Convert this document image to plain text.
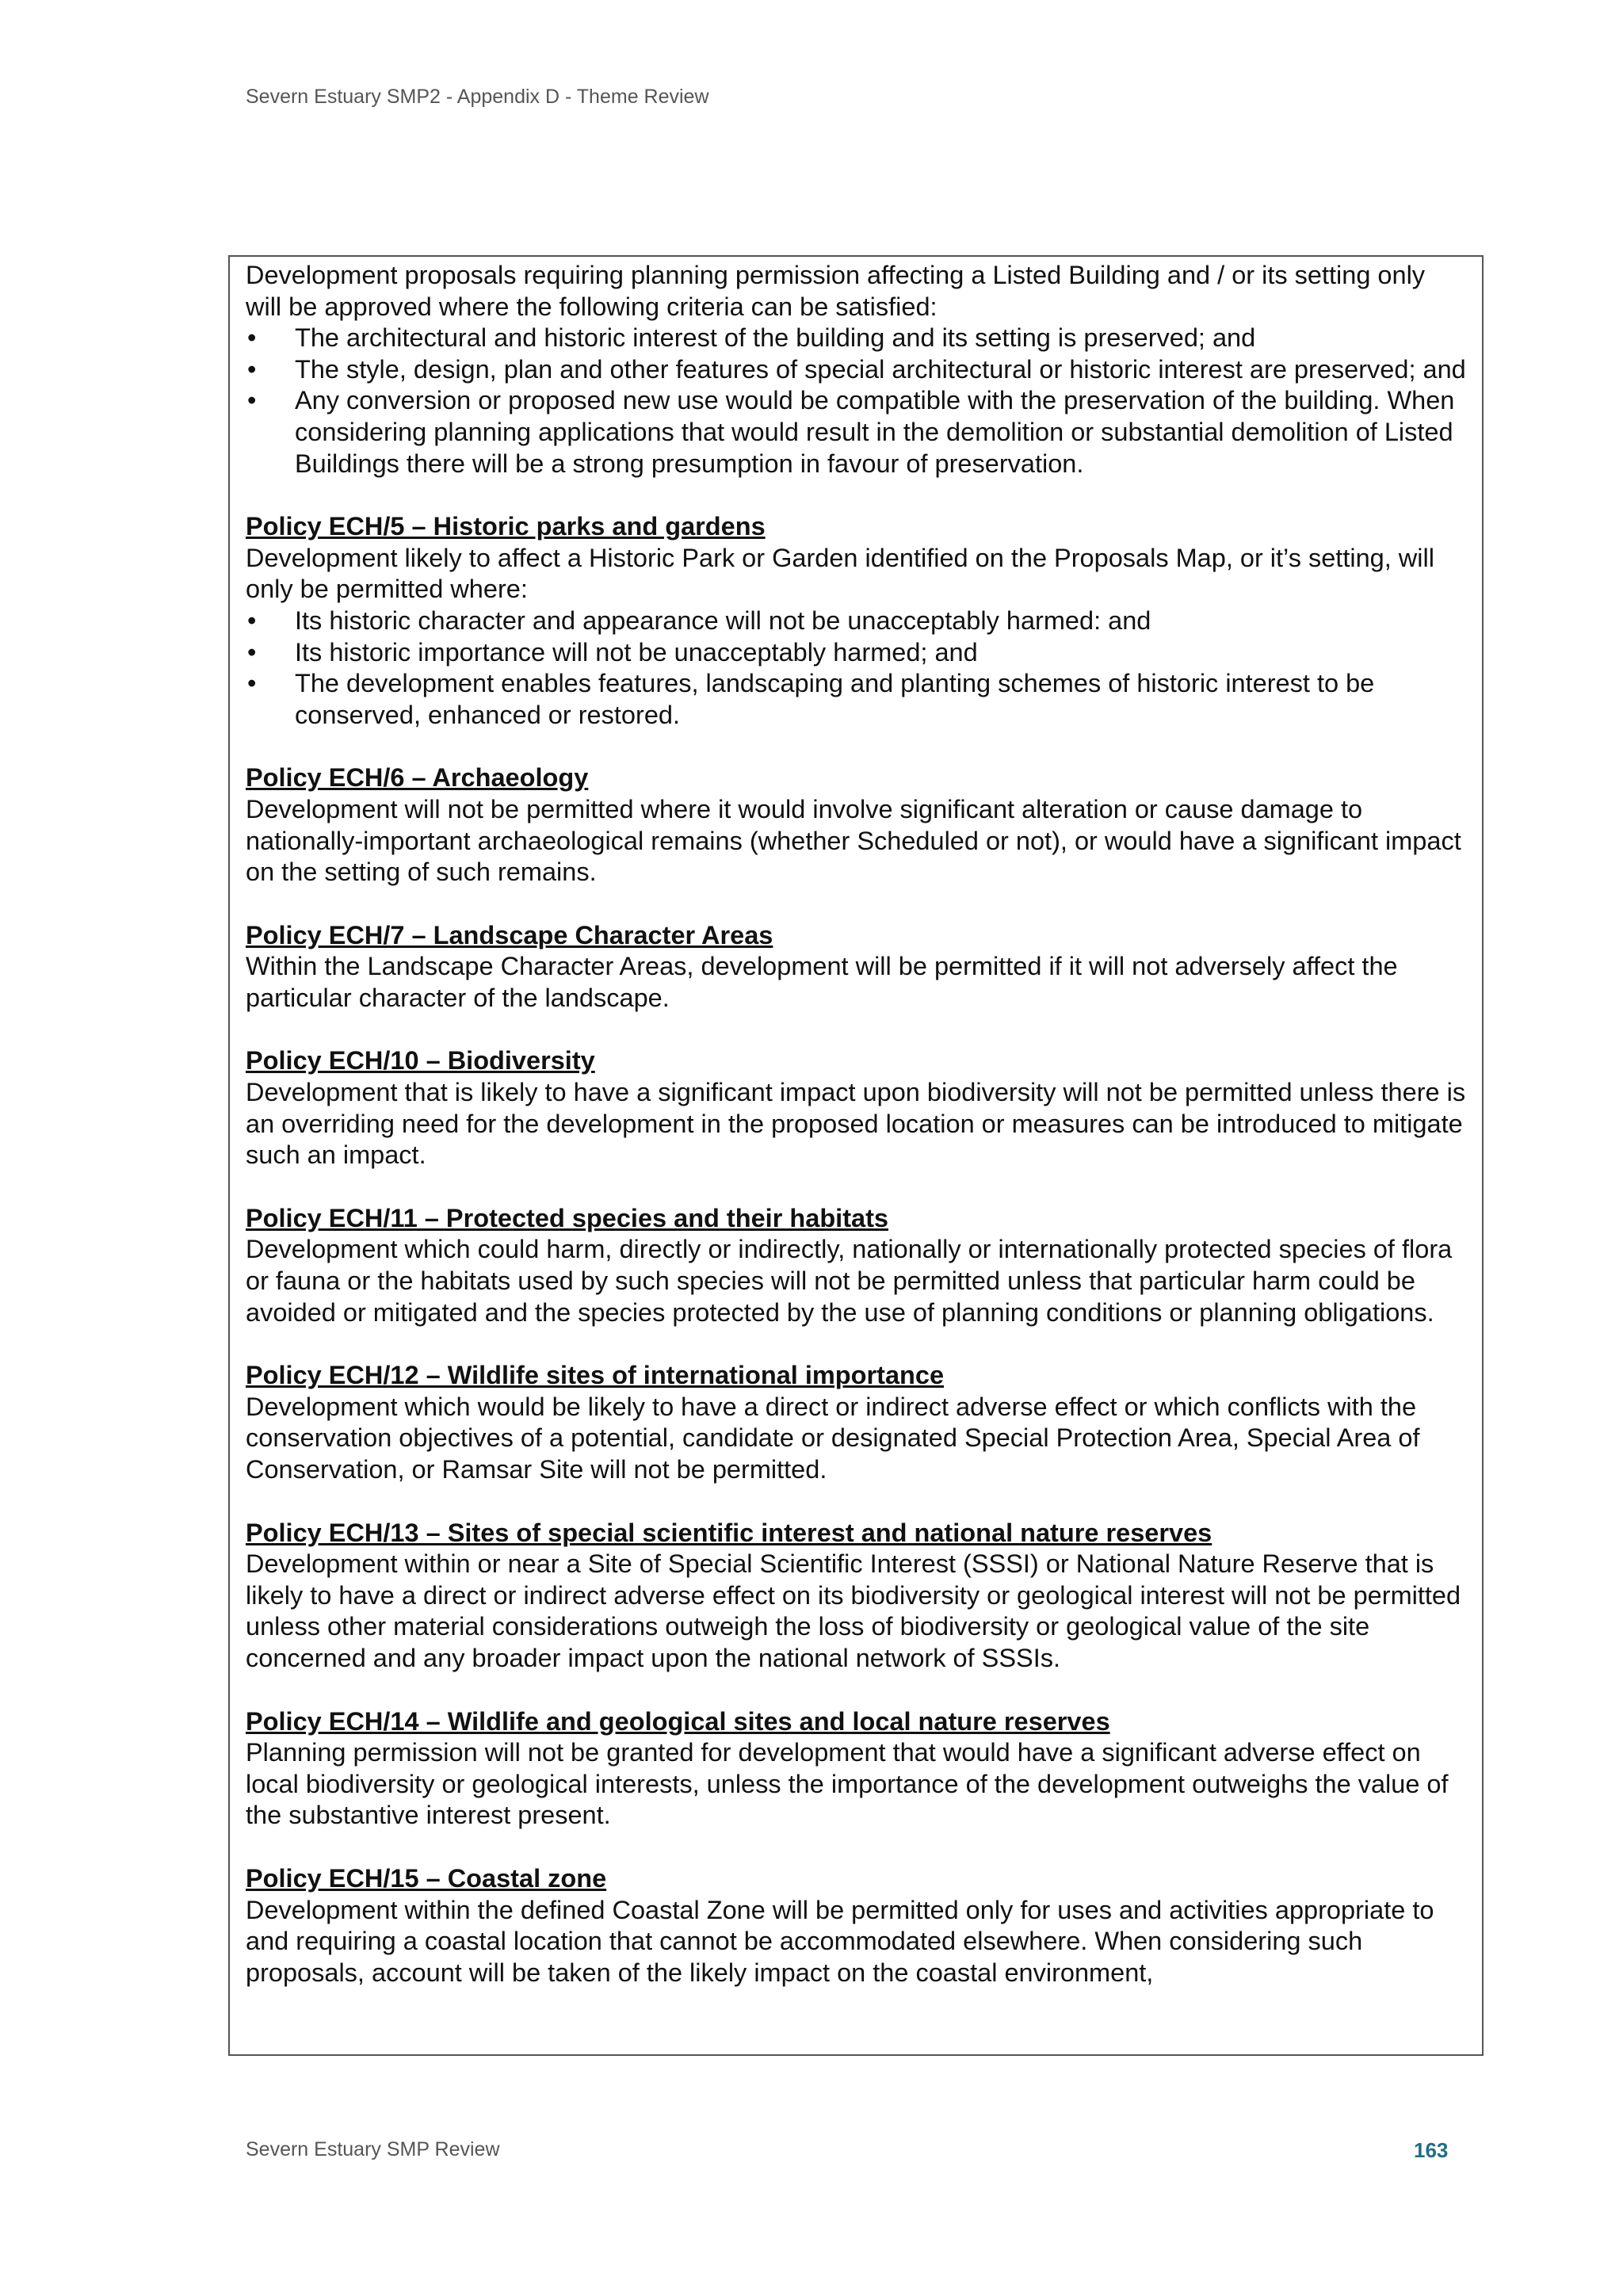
Severn Estuary SMP2 - Appendix D - Theme Review

Development proposals requiring planning permission affecting a Listed Building and / or its setting only will be approved where the following criteria can be satisfied:

• The architectural and historic interest of the building and its setting is preserved; and
• The style, design, plan and other features of special architectural or historic interest are preserved; and
• Any conversion or proposed new use would be compatible with the preservation of the building. When considering planning applications that would result in the demolition or substantial demolition of Listed Buildings there will be a strong presumption in favour of preservation.

Policy ECH/5 – Historic parks and gardens

Development likely to affect a Historic Park or Garden identified on the Proposals Map, or it’s setting, will only be permitted where:

• Its historic character and appearance will not be unacceptably harmed: and
• Its historic importance will not be unacceptably harmed; and
• The development enables features, landscaping and planting schemes of historic interest to be conserved, enhanced or restored.

Policy ECH/6 – Archaeology

Development will not be permitted where it would involve significant alteration or cause damage to nationally-important archaeological remains (whether Scheduled or not), or would have a significant impact on the setting of such remains.

Policy ECH/7 – Landscape Character Areas

Within the Landscape Character Areas, development will be permitted if it will not adversely affect the particular character of the landscape.

Policy ECH/10 – Biodiversity

Development that is likely to have a significant impact upon biodiversity will not be permitted unless there is an overriding need for the development in the proposed location or measures can be introduced to mitigate such an impact.

Policy ECH/11 – Protected species and their habitats

Development which could harm, directly or indirectly, nationally or internationally protected species of flora or fauna or the habitats used by such species will not be permitted unless that particular harm could be avoided or mitigated and the species protected by the use of planning conditions or planning obligations.

Policy ECH/12 – Wildlife sites of international importance

Development which would be likely to have a direct or indirect adverse effect or which conflicts with the conservation objectives of a potential, candidate or designated Special Protection Area, Special Area of Conservation, or Ramsar Site will not be permitted.

Policy ECH/13 – Sites of special scientific interest and national nature reserves

Development within or near a Site of Special Scientific Interest (SSSI) or National Nature Reserve that is likely to have a direct or indirect adverse effect on its biodiversity or geological interest will not be permitted unless other material considerations outweigh the loss of biodiversity or geological value of the site concerned and any broader impact upon the national network of SSSIs.

Policy ECH/14 – Wildlife and geological sites and local nature reserves

Planning permission will not be granted for development that would have a significant adverse effect on local biodiversity or geological interests, unless the importance of the development outweighs the value of the substantive interest present.

Policy ECH/15 – Coastal zone

Development within the defined Coastal Zone will be permitted only for uses and activities appropriate to and requiring a coastal location that cannot be accommodated elsewhere. When considering such proposals, account will be taken of the likely impact on the coastal environment,

Severn Estuary SMP Review	163
